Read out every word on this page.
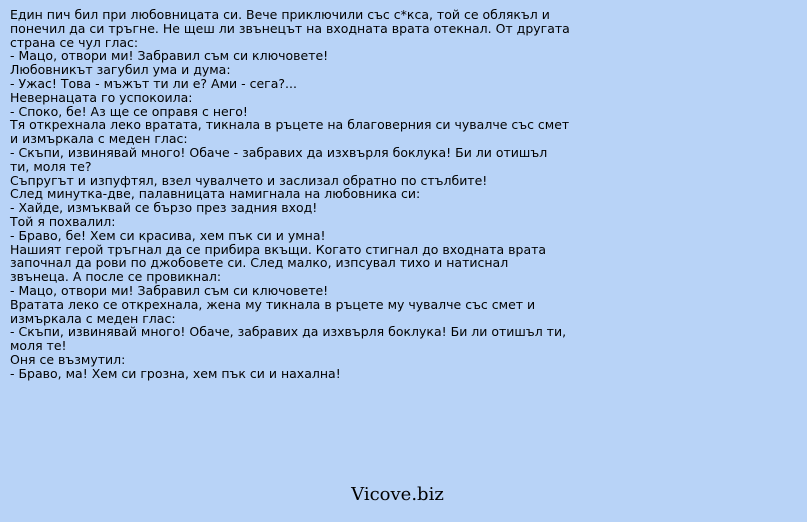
Един пич бил при любовницата си. Вече приключили със с*кса, той се облякъл и понечил да си тръгне. Не щеш ли звънецът на входната врата отекнал. От другата страна се чул глас:
- Мацо, отвори ми! Забравил съм си ключовете!
Любовникът загубил ума и дума:
- Ужас! Това - мъжът ти ли е? Ами - сега?...
Невернацата го успокоила:
- Споко, бе! Аз ще се оправя с него!
Тя открехнала леко вратата, тикнала в ръцете на благоверния си чувалче със смет и измъркала с меден глас:
- Скъпи, извинявай много! Обаче - забравих да изхвърля боклука! Би ли отишъл ти, моля те?
Съпругът и изпуфтял, взел чувалчето и заслизал обратно по стълбите!
След минутка-две, палавницата намигнала на любовника си:
- Хайде, измъквай се бързо през задния вход!
Той я похвалил:
- Браво, бе! Хем си красива, хем пък си и умна!
Нашият герой тръгнал да се прибира вкъщи. Когато стигнал до входната врата започнал да рови по джобовете си. След малко, изпсувал тихо и натиснал звънеца. А после се провикнал:
- Мацо, отвори ми! Забравил съм си ключовете!
Вратата леко се открехнала, жена му тикнала в ръцете му чувалче със смет и измъркала с меден глас:
- Скъпи, извинявай много! Обаче, забравих да изхвърля боклука! Би ли отишъл ти, моля те!
Оня се възмутил:
- Браво, ма! Хем си грозна, хем пък си и нахална!
Vicove.biz
